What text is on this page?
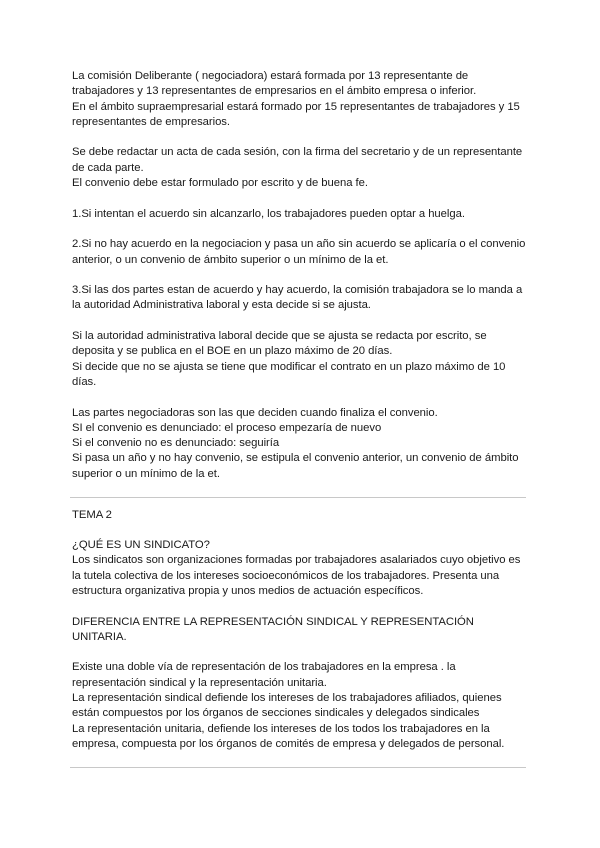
La comisión Deliberante ( negociadora) estará formada por 13 representante de
trabajadores y 13 representantes de empresarios en el ámbito empresa o inferior.
En el ámbito supraempresarial estará formado por 15 representantes de trabajadores y 15
representantes de empresarios.
Se debe redactar un acta de cada sesión, con la firma del secretario y de un representante
de cada parte.
El convenio debe estar formulado por escrito y de buena fe.
1.Si intentan el acuerdo sin alcanzarlo, los trabajadores pueden optar a huelga.
2.Si no hay acuerdo en la negociacion y pasa un año sin acuerdo se aplicaría o el convenio
anterior, o un convenio de ámbito superior o un mínimo de la et.
3.Si las dos partes estan de acuerdo y hay acuerdo, la comisión trabajadora se lo manda a
la autoridad Administrativa laboral y esta decide si se ajusta.
Si la autoridad administrativa laboral decide que se ajusta se redacta por escrito, se
deposita y se publica en el BOE en un plazo máximo de 20 días.
Si decide que no se ajusta se tiene que modificar el contrato en un plazo máximo de 10
días.
Las partes negociadoras son las que deciden cuando finaliza el convenio.
SI el convenio es denunciado: el proceso empezaría de nuevo
Si el convenio no es denunciado: seguiría
Si pasa un año y no hay convenio, se estipula el convenio anterior, un convenio de ámbito
superior o un mínimo de la et.
TEMA 2
¿QUÉ ES UN SINDICATO?
Los sindicatos son organizaciones formadas por trabajadores asalariados cuyo objetivo es
la tutela colectiva de los intereses socioeconómicos de los trabajadores. Presenta una
estructura organizativa propia y unos medios de actuación específicos.
DIFERENCIA ENTRE LA REPRESENTACIÓN SINDICAL Y REPRESENTACIÓN
UNITARIA.
Existe una doble vía de representación de los trabajadores en la empresa . la
representación sindical y la representación unitaria.
La representación sindical defiende los intereses de los trabajadores afiliados, quienes
están compuestos por los órganos de secciones sindicales y delegados sindicales
La representación unitaria, defiende los intereses de los todos los trabajadores en la
empresa, compuesta por los órganos de comités de empresa y delegados de personal.
